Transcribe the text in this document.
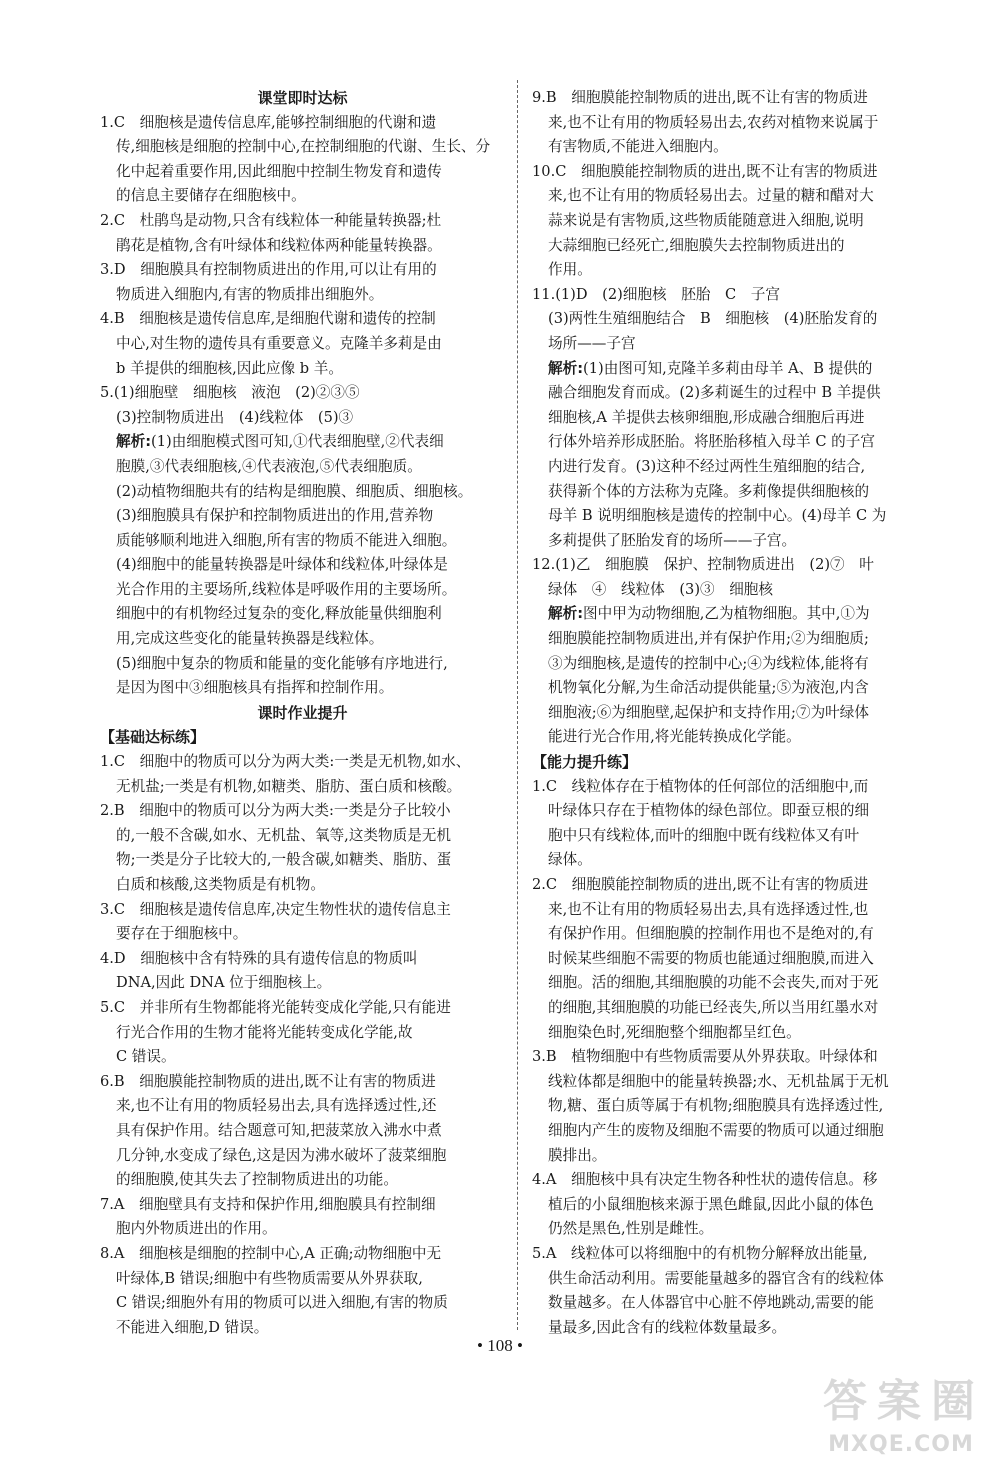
课堂即时达标
1.C　细胞核是遗传信息库,能够控制细胞的代谢和遗
传,细胞核是细胞的控制中心,在控制细胞的代谢、生长、分
化中起着重要作用,因此细胞中控制生物发育和遗传
的信息主要储存在细胞核中。
2.C　杜鹃鸟是动物,只含有线粒体一种能量转换器;杜
鹃花是植物,含有叶绿体和线粒体两种能量转换器。
3.D　细胞膜具有控制物质进出的作用,可以让有用的
物质进入细胞内,有害的物质排出细胞外。
4.B　细胞核是遗传信息库,是细胞代谢和遗传的控制
中心,对生物的遗传具有重要意义。克隆羊多莉是由
b 羊提供的细胞核,因此应像 b 羊。
5.(1)细胞壁　细胞核　液泡　(2)②③⑤
(3)控制物质进出　(4)线粒体　(5)③
解析:(1)由细胞模式图可知,①代表细胞壁,②代表细
胞膜,③代表细胞核,④代表液泡,⑤代表细胞质。
(2)动植物细胞共有的结构是细胞膜、细胞质、细胞核。
(3)细胞膜具有保护和控制物质进出的作用,营养物
质能够顺利地进入细胞,所有害的物质不能进入细胞。
(4)细胞中的能量转换器是叶绿体和线粒体,叶绿体是
光合作用的主要场所,线粒体是呼吸作用的主要场所。
细胞中的有机物经过复杂的变化,释放能量供细胞利
用,完成这些变化的能量转换器是线粒体。
(5)细胞中复杂的物质和能量的变化能够有序地进行,
是因为图中③细胞核具有指挥和控制作用。
课时作业提升
【基础达标练】
1.C　细胞中的物质可以分为两大类:一类是无机物,如水、
无机盐;一类是有机物,如糖类、脂肪、蛋白质和核酸。
2.B　细胞中的物质可以分为两大类:一类是分子比较小
的,一般不含碳,如水、无机盐、氧等,这类物质是无机
物;一类是分子比较大的,一般含碳,如糖类、脂肪、蛋
白质和核酸,这类物质是有机物。
3.C　细胞核是遗传信息库,决定生物性状的遗传信息主
要存在于细胞核中。
4.D　细胞核中含有特殊的具有遗传信息的物质叫
DNA,因此 DNA 位于细胞核上。
5.C　并非所有生物都能将光能转变成化学能,只有能进
行光合作用的生物才能将光能转变成化学能,故
C 错误。
6.B　细胞膜能控制物质的进出,既不让有害的物质进
来,也不让有用的物质轻易出去,具有选择透过性,还
具有保护作用。结合题意可知,把菠菜放入沸水中煮
几分钟,水变成了绿色,这是因为沸水破坏了菠菜细胞
的细胞膜,使其失去了控制物质进出的功能。
7.A　细胞壁具有支持和保护作用,细胞膜具有控制细
胞内外物质进出的作用。
8.A　细胞核是细胞的控制中心,A 正确;动物细胞中无
叶绿体,B 错误;细胞中有些物质需要从外界获取,
C 错误;细胞外有用的物质可以进入细胞,有害的物质
不能进入细胞,D 错误。
9.B　细胞膜能控制物质的进出,既不让有害的物质进
来,也不让有用的物质轻易出去,农药对植物来说属于
有害物质,不能进入细胞内。
10.C　细胞膜能控制物质的进出,既不让有害的物质进
来,也不让有用的物质轻易出去。过量的糖和醋对大
蒜来说是有害物质,这些物质能随意进入细胞,说明
大蒜细胞已经死亡,细胞膜失去控制物质进出的
作用。
11.(1)D　(2)细胞核　胚胎　C　子宫
(3)两性生殖细胞结合　B　细胞核　(4)胚胎发育的
场所——子宫
解析:(1)由图可知,克隆羊多莉由母羊 A、B 提供的
融合细胞发育而成。(2)多莉诞生的过程中 B 羊提供
细胞核,A 羊提供去核卵细胞,形成融合细胞后再进
行体外培养形成胚胎。将胚胎移植入母羊 C 的子宫
内进行发育。(3)这种不经过两性生殖细胞的结合,
获得新个体的方法称为克隆。多莉像提供细胞核的
母羊 B 说明细胞核是遗传的控制中心。(4)母羊 C 为
多莉提供了胚胎发育的场所——子宫。
12.(1)乙　细胞膜　保护、控制物质进出　(2)⑦　叶
绿体　④　线粒体　(3)③　细胞核
解析:图中甲为动物细胞,乙为植物细胞。其中,①为
细胞膜能控制物质进出,并有保护作用;②为细胞质;
③为细胞核,是遗传的控制中心;④为线粒体,能将有
机物氧化分解,为生命活动提供能量;⑤为液泡,内含
细胞液;⑥为细胞壁,起保护和支持作用;⑦为叶绿体
能进行光合作用,将光能转换成化学能。
【能力提升练】
1.C　线粒体存在于植物体的任何部位的活细胞中,而
叶绿体只存在于植物体的绿色部位。即蚕豆根的细
胞中只有线粒体,而叶的细胞中既有线粒体又有叶
绿体。
2.C　细胞膜能控制物质的进出,既不让有害的物质进
来,也不让有用的物质轻易出去,具有选择透过性,也
有保护作用。但细胞膜的控制作用也不是绝对的,有
时候某些细胞不需要的物质也能通过细胞膜,而进入
细胞。活的细胞,其细胞膜的功能不会丧失,而对于死
的细胞,其细胞膜的功能已经丧失,所以当用红墨水对
细胞染色时,死细胞整个细胞都呈红色。
3.B　植物细胞中有些物质需要从外界获取。叶绿体和
线粒体都是细胞中的能量转换器;水、无机盐属于无机
物,糖、蛋白质等属于有机物;细胞膜具有选择透过性,
细胞内产生的废物及细胞不需要的物质可以通过细胞
膜排出。
4.A　细胞核中具有决定生物各种性状的遗传信息。移
植后的小鼠细胞核来源于黑色雌鼠,因此小鼠的体色
仍然是黑色,性别是雌性。
5.A　线粒体可以将细胞中的有机物分解释放出能量,
供生命活动利用。需要能量越多的器官含有的线粒体
数量越多。在人体器官中心脏不停地跳动,需要的能
量最多,因此含有的线粒体数量最多。
• 108 •
答 案 圈
MXQE.COM
